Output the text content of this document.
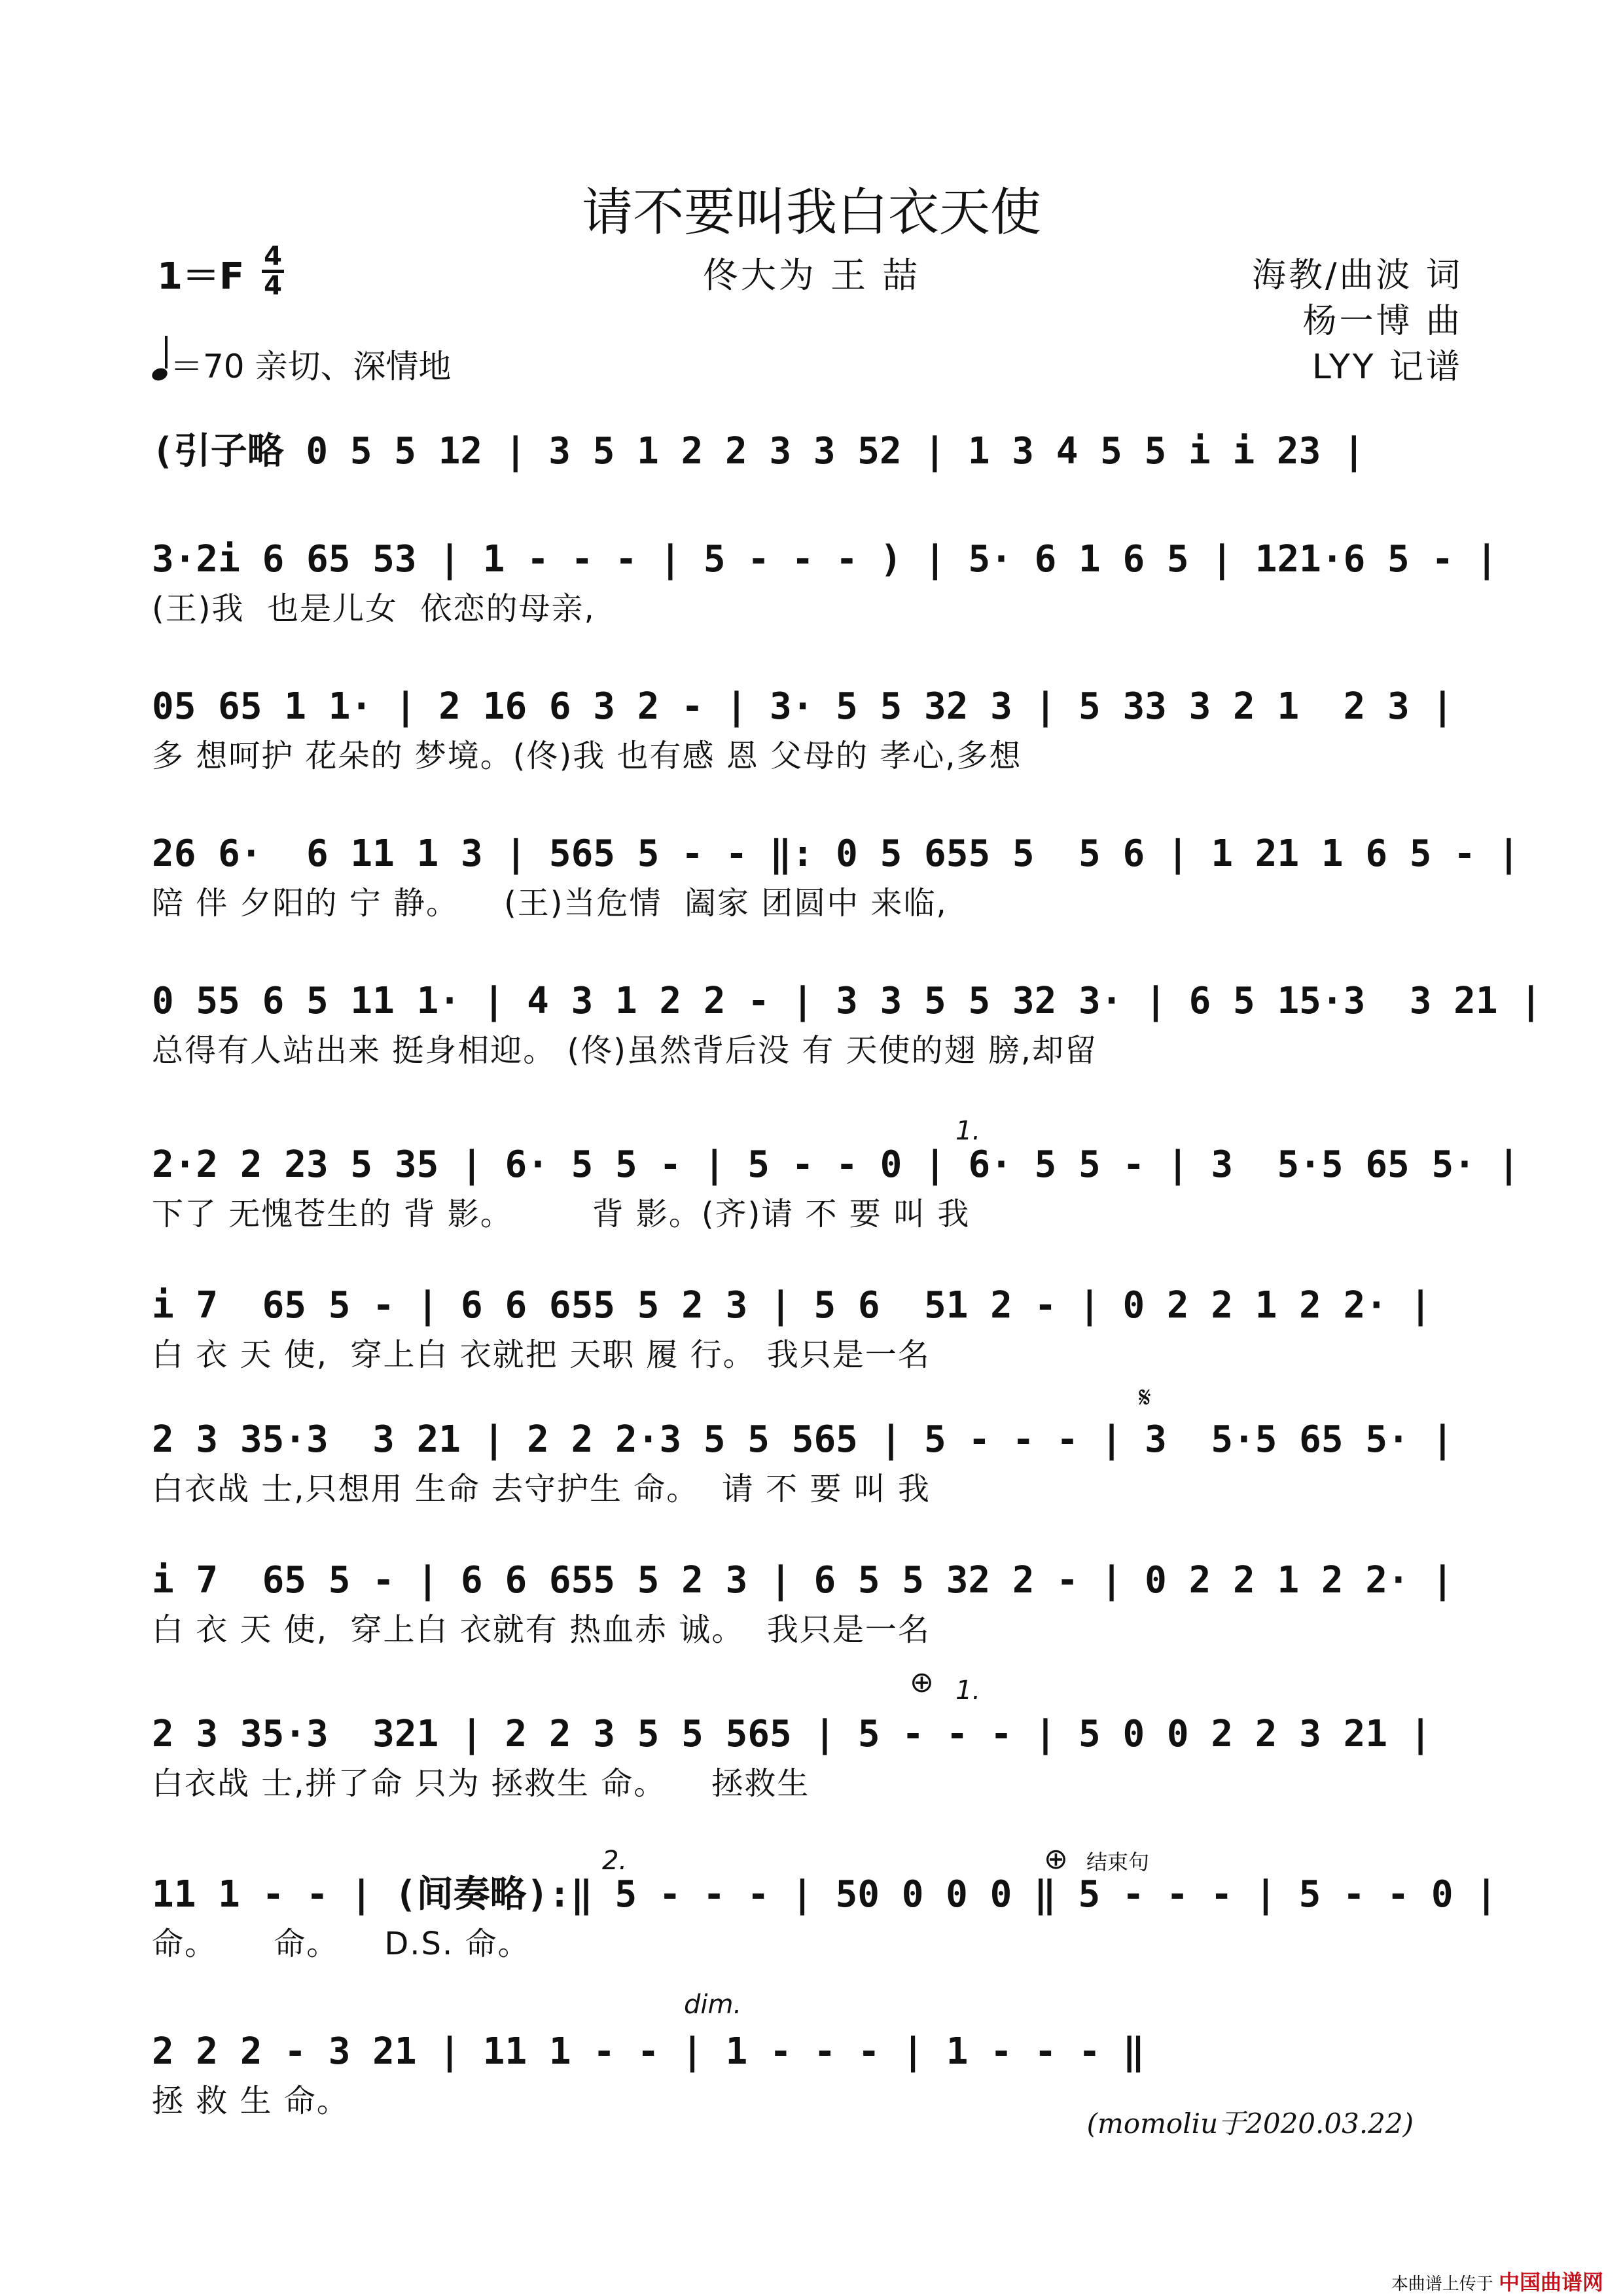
请不要叫我白衣天使
1＝F 4
4	佟大为 王 喆	海教/曲波 词
杨一博 曲
LYY 记谱
＝70 亲切、深情地
(引子略 0 5 5 12 | 3 5 1 2 2 3 3 52 | 1 3 4 5 5 i i 23 |
3·2i 6 65 53 | 1 - - - | 5 - - - ) | 5· 6 1 6 5 | 121·6 5 - |
(王)我  也是儿女  依恋的母亲,
05 65 1 1· | 2 16 6 3 2 - | 3· 5 5 32 3 | 5 33 3 2 1  2 3 |
多 想呵护 花朵的 梦境。(佟)我 也有感 恩 父母的 孝心,多想
26 6·  6 11 1 3 | 565 5 - - ‖: 0 5 655 5  5 6 | 1 21 1 6 5 - |
陪 伴 夕阳的 宁 静。    (王)当危情  阖家 团圆中 来临,
0 55 6 5 11 1· | 4 3 1 2 2 - | 3 3 5 5 32 3· | 6 5 15·3  3 21 |
总得有人站出来 挺身相迎。 (佟)虽然背后没 有 天使的翅 膀,却留
2·2 2 23 5 35 | 6· 5 5 - | 5 - - 0 | 6· 5 5 - | 3  5·5 65 5· |
下了 无愧苍生的 背 影。       背 影。(齐)请 不 要 叫 我
i 7  65 5 - | 6 6 655 5 2 3 | 5 6  51 2 - | 0 2 2 1 2 2· |
白 衣 天 使,  穿上白 衣就把 天职 履 行。 我只是一名
2 3 35·3  3 21 | 2 2 2·3 5 5 565 | 5 - - - | 3  5·5 65 5· |
白衣战 士,只想用 生命 去守护生 命。  请 不 要 叫 我
i 7  65 5 - | 6 6 655 5 2 3 | 6 5 5 32 2 - | 0 2 2 1 2 2· |
白 衣 天 使,  穿上白 衣就有 热血赤 诚。  我只是一名
2 3 35·3  321 | 2 2 3 5 5 565 | 5 - - - | 5 0 0 2 2 3 21 |
白衣战 士,拼了命 只为 拯救生 命。    拯救生
11 1 - - | (间奏略):‖ 5 - - - | 50 0 0 0 ‖ 5 - - - | 5 - - 0 |
命。     命。    D.S. 命。
2 2 2 - 3 21 | 11 1 - - | 1 - - - | 1 - - - ‖
拯 救 生 命。
1.
1.
2.	结束句
dim.
⊕
⊕
𝄋
(momoliu于2020.03.22)
本曲谱上传于 中国曲谱网
